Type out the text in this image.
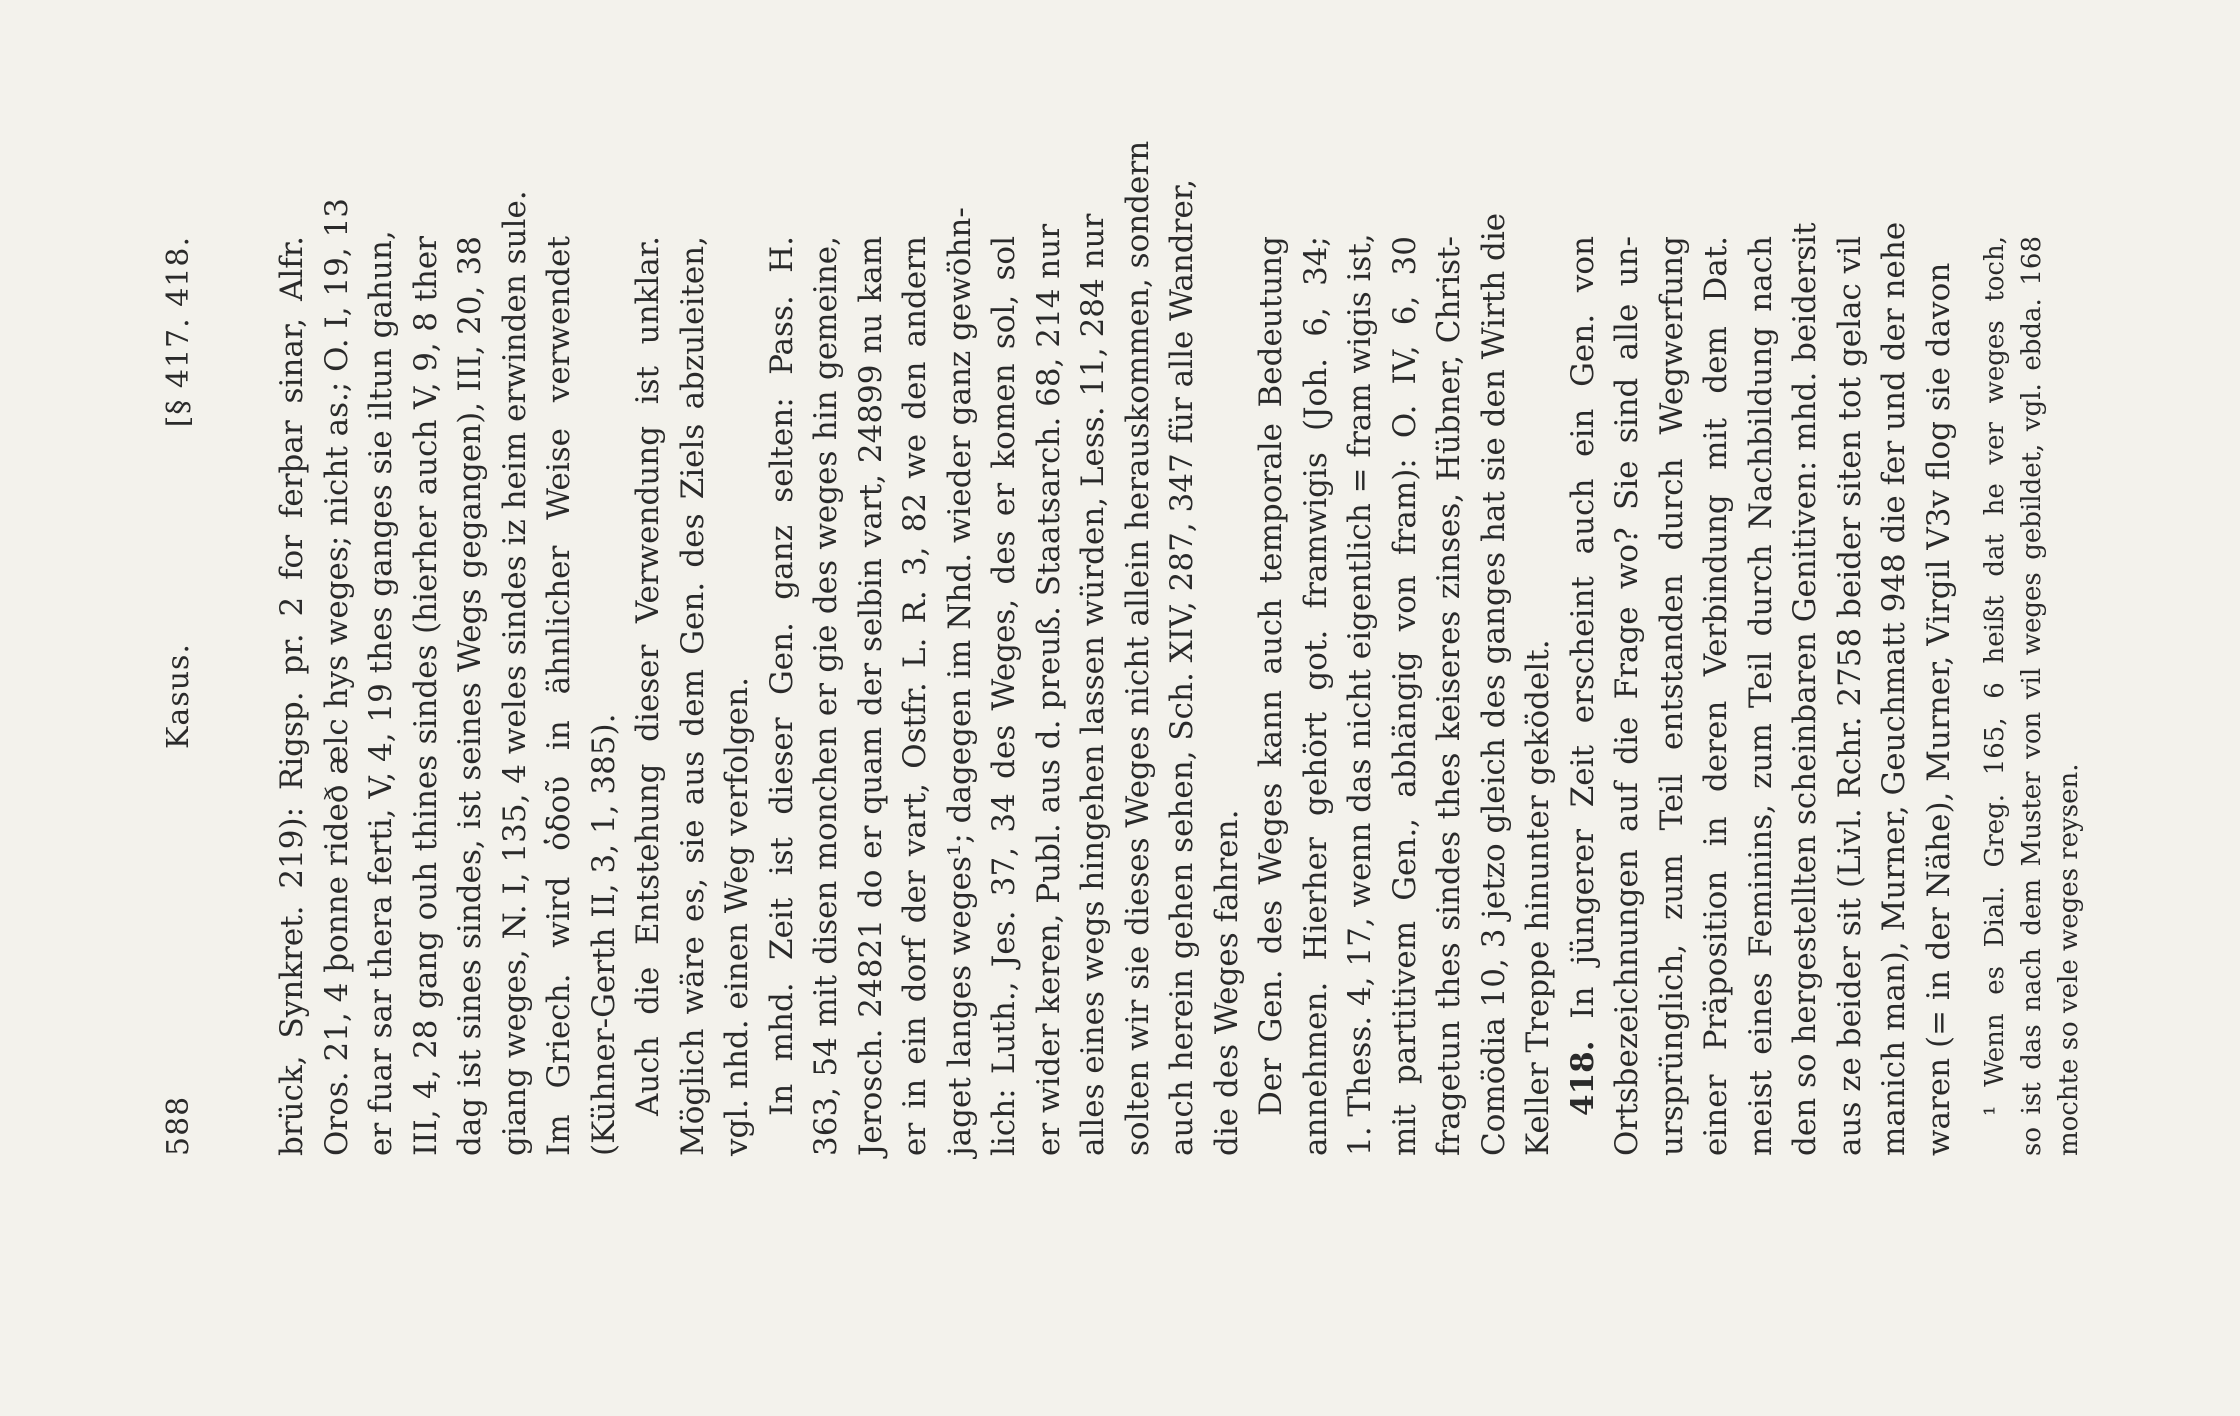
588
Kasus.
[§ 417. 418.	brück, Synkret. 219): Rigsp. pr. 2 for ferþar sinar, Alfr. Oros. 21, 4 þonne rideð ælc hys weges; nicht as.; O. I, 19, 13 er fuar sar thera ferti, V, 4, 19 thes ganges sie iltun gahun, III, 4, 28 gang ouh thines sindes (hierher auch V, 9, 8 ther dag ist sines sindes, ist seines Wegs gegangen), III, 20, 38 giang weges, N. I, 135, 4 weles sindes iz heim erwinden sule. Im Griech. wird ὁδοῦ in ähnlicher Weise verwendet (Kühner-Gerth II, 3, 1, 385). Auch die Entstehung dieser Verwendung ist unklar. Möglich wäre es, sie aus dem Gen. des Ziels abzuleiten, vgl. nhd. einen Weg verfolgen. In mhd. Zeit ist dieser Gen. ganz selten: Pass. H. 363, 54 mit disen monchen er gie des weges hin gemeine, Jerosch. 24821 do er quam der selbin vart, 24899 nu kam er in ein dorf der vart, Ostfr. L. R. 3, 82 we den andern jaget langes weges¹; dagegen im Nhd. wieder ganz gewöhn- lich: Luth., Jes. 37, 34 des Weges, des er komen sol, sol er wider keren, Publ. aus d. preuß. Staatsarch. 68, 214 nur alles eines wegs hingehen lassen würden, Less. 11, 284 nur solten wir sie dieses Weges nicht allein herauskommen, sondern auch herein gehen sehen, Sch. XIV, 287, 347 für alle Wandrer, die des Weges fahren. Der Gen. des Weges kann auch temporale Bedeutung annehmen. Hierher gehört got. framwigis (Joh. 6, 34; 1. Thess. 4, 17, wenn das nicht eigentlich = fram wigis ist, mit partitivem Gen., abhängig von fram): O. IV, 6, 30 fragetun thes sindes thes keiseres zinses, Hübner, Christ- Comödia 10, 3 jetzo gleich des ganges hat sie den Wirth die Keller Treppe hinunter geködelt. 418. In jüngerer Zeit erscheint auch ein Gen. von Ortsbezeichnungen auf die Frage wo? Sie sind alle un- ursprünglich, zum Teil entstanden durch Wegwerfung einer Präposition in deren Verbindung mit dem Dat. meist eines Feminins, zum Teil durch Nachbildung nach den so hergestellten scheinbaren Genitiven: mhd. beidersit aus ze beider sit (Livl. Rchr. 2758 beider siten tot gelac vil manich man), Murner, Geuchmatt 948 die fer und der nehe waren (= in der Nähe), Murner, Virgil V3v flog sie davon ¹ Wenn es Dial. Greg. 165, 6 heißt dat he ver weges toch, so ist das nach dem Muster von vil weges gebildet, vgl. ebda. 168 mochte so vele weges reysen.
